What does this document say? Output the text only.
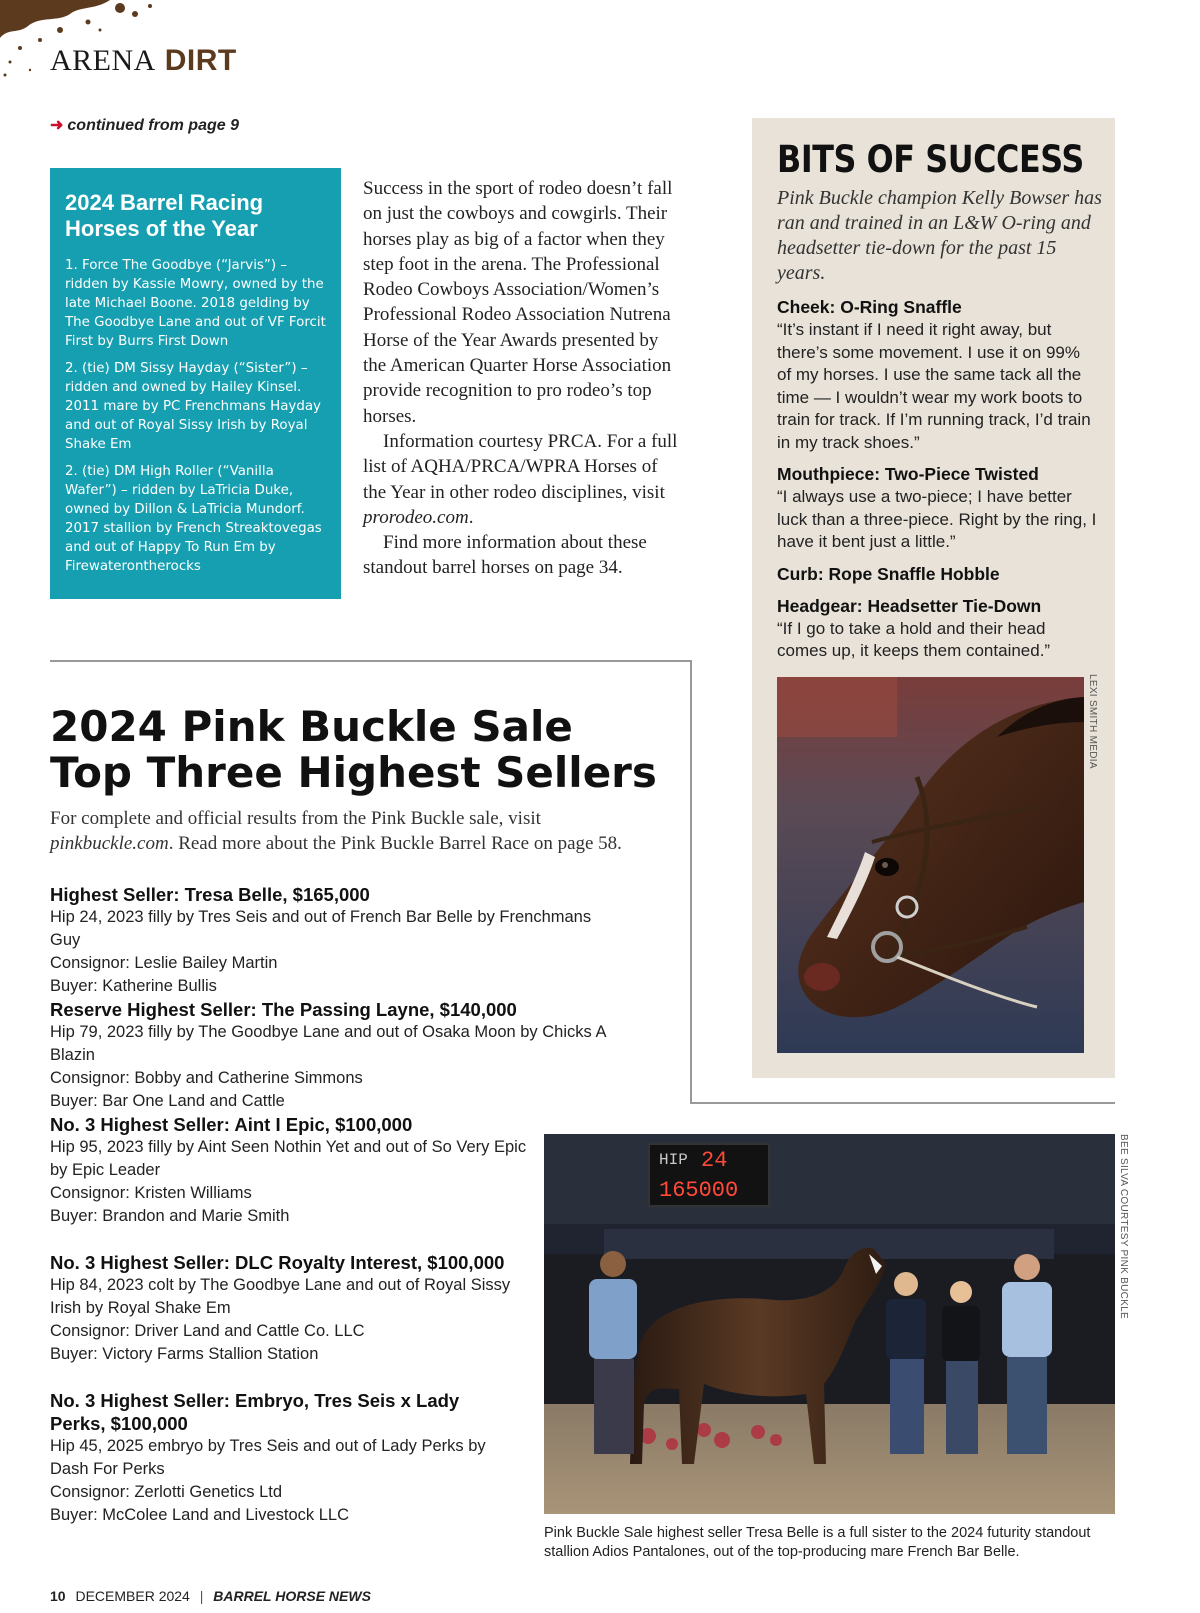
ARENA DIRT
➜ continued from page 9
2024 Barrel Racing Horses of the Year

1. Force The Goodbye (“Jarvis”) – ridden by Kassie Mowry, owned by the late Michael Boone. 2018 gelding by The Goodbye Lane and out of VF Forcit First by Burrs First Down

2. (tie) DM Sissy Hayday (“Sister”) – ridden and owned by Hailey Kinsel. 2011 mare by PC Frenchmans Hayday and out of Royal Sissy Irish by Royal Shake Em

2. (tie) DM High Roller (“Vanilla Wafer”) – ridden by LaTricia Duke, owned by Dillon & LaTricia Mundorf. 2017 stallion by French Streaktovegas and out of Happy To Run Em by Firewaterontherocks

Success in the sport of rodeo doesn’t fall on just the cowboys and cowgirls. Their horses play as big of a factor when they step foot in the arena. The Professional Rodeo Cowboys Association/Women’s Professional Rodeo Association Nutrena Horse of the Year Awards presented by the American Quarter Horse Association provide recognition to pro rodeo’s top horses.

Information courtesy PRCA. For a full list of AQHA/PRCA/WPRA Horses of the Year in other rodeo disciplines, visit prorodeo.com.

Find more information about these standout barrel horses on page 34.

BITS OF SUCCESS
Pink Buckle champion Kelly Bowser has ran and trained in an L&W O-ring and headsetter tie-down for the past 15 years.
Cheek: O-Ring Snaffle
“It’s instant if I need it right away, but there’s some movement. I use it on 99% of my horses. I use the same tack all the time — I wouldn’t wear my work boots to train for track. If I’m running track, I’d train in my track shoes.”
Mouthpiece: Two-Piece Twisted
“I always use a two-piece; I have better luck than a three-piece. Right by the ring, I have it bent just a little.”
Curb: Rope Snaffle Hobble
Headgear: Headsetter Tie-Down
“If I go to take a hold and their head comes up, it keeps them contained.”
LEXI SMITH MEDIA
2024 Pink Buckle Sale
Top Three Highest Sellers
For complete and official results from the Pink Buckle sale, visit pinkbuckle.com. Read more about the Pink Buckle Barrel Race on page 58.
Highest Seller: Tresa Belle, $165,000
Hip 24, 2023 filly by Tres Seis and out of French Bar Belle by Frenchmans Guy
Consignor: Leslie Bailey Martin
Buyer: Katherine Bullis
Reserve Highest Seller: The Passing Layne, $140,000
Hip 79, 2023 filly by The Goodbye Lane and out of Osaka Moon by Chicks A Blazin
Consignor: Bobby and Catherine Simmons
Buyer: Bar One Land and Cattle
No. 3 Highest Seller: Aint I Epic, $100,000
Hip 95, 2023 filly by Aint Seen Nothin Yet and out of So Very Epic by Epic Leader
Consignor: Kristen Williams
Buyer: Brandon and Marie Smith
No. 3 Highest Seller: DLC Royalty Interest, $100,000
Hip 84, 2023 colt by The Goodbye Lane and out of Royal Sissy Irish by Royal Shake Em
Consignor: Driver Land and Cattle Co. LLC
Buyer: Victory Farms Stallion Station
No. 3 Highest Seller: Embryo, Tres Seis x Lady Perks, $100,000
Hip 45, 2025 embryo by Tres Seis and out of Lady Perks by Dash For Perks
Consignor: Zerlotti Genetics Ltd
Buyer: McColee Land and Livestock LLC
HIP 24
165000	BEE SILVA COURTESY PINK BUCKLE
Pink Buckle Sale highest seller Tresa Belle is a full sister to the 2024 futurity standout stallion Adios Pantalones, out of the top-producing mare French Bar Belle.
10 DECEMBER 2024 | BARREL HORSE NEWS
